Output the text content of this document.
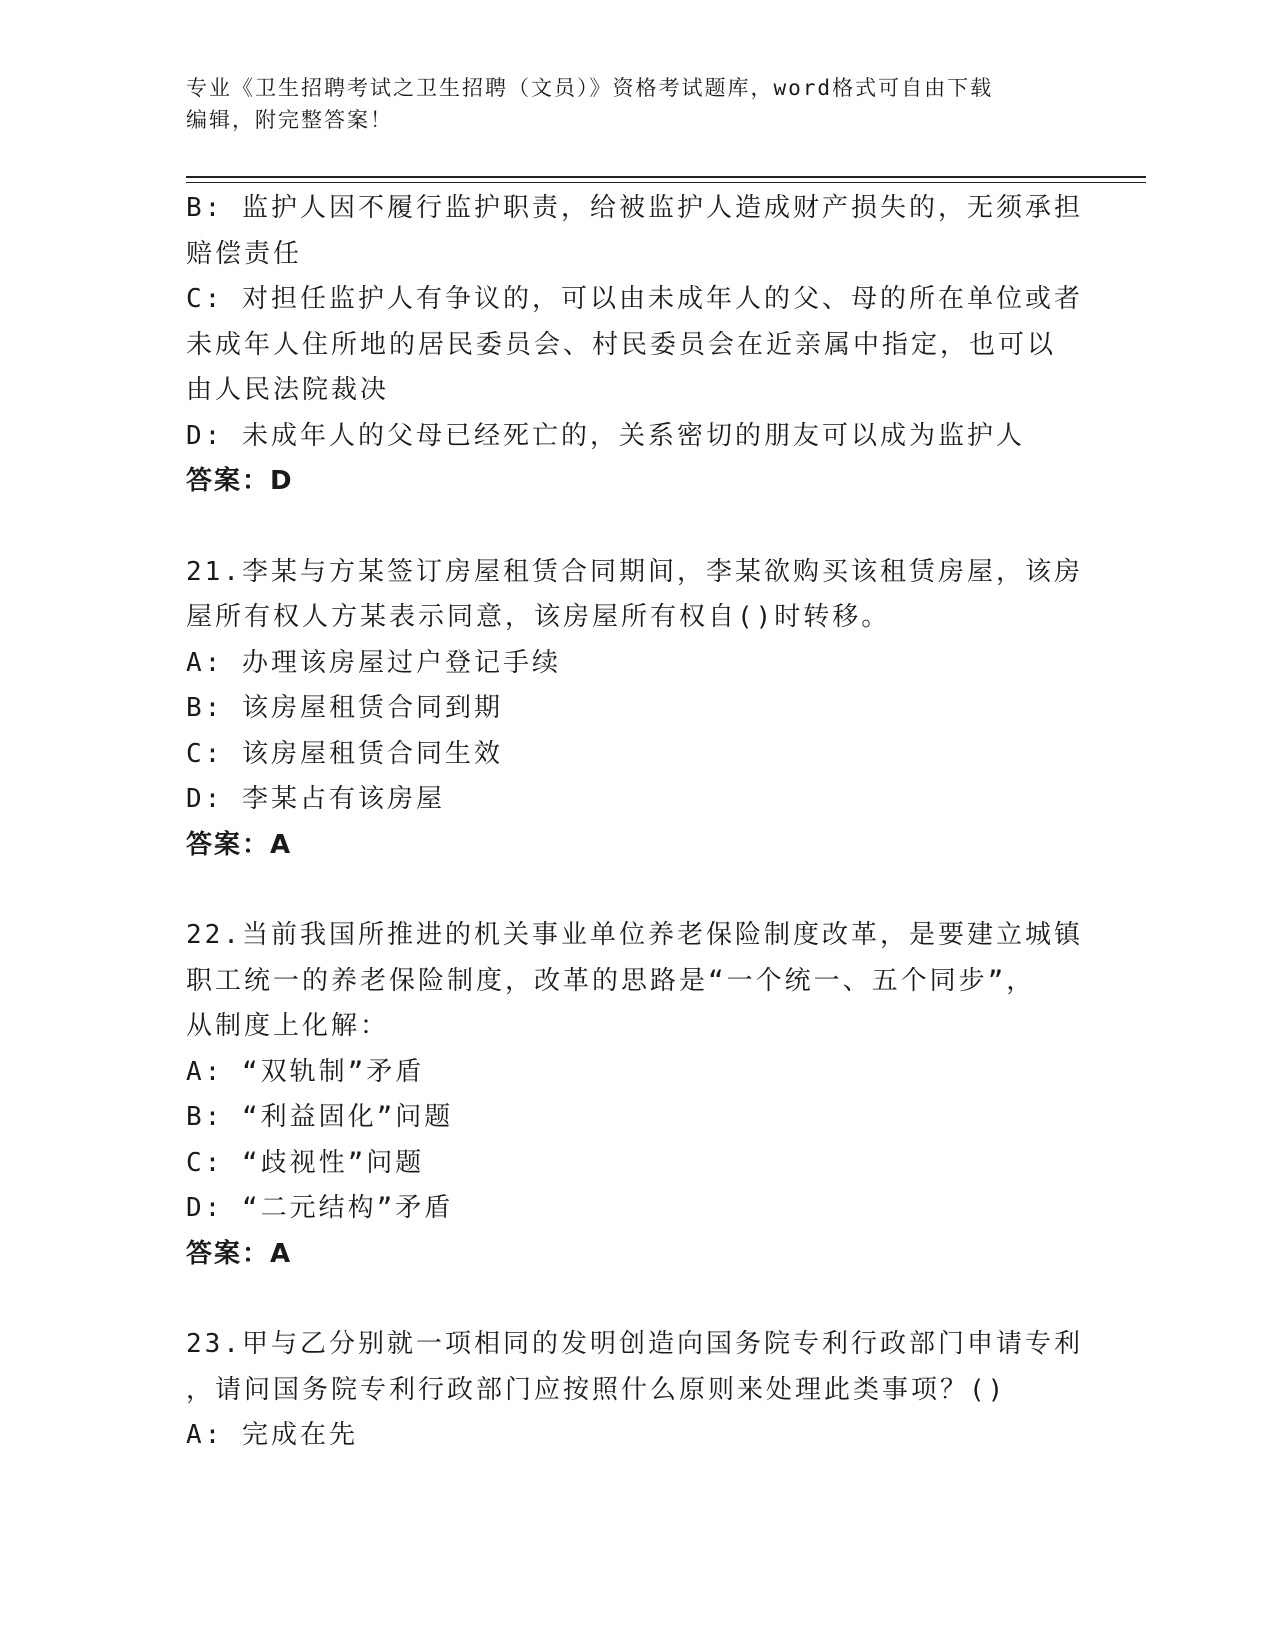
专业《卫生招聘考试之卫生招聘（文员）》资格考试题库，word格式可自由下载
编辑，附完整答案！
B: 监护人因不履行监护职责，给被监护人造成财产损失的，无须承担
赔偿责任
C: 对担任监护人有争议的，可以由未成年人的父、母的所在单位或者
未成年人住所地的居民委员会、村民委员会在近亲属中指定，也可以
由人民法院裁决
D: 未成年人的父母已经死亡的，关系密切的朋友可以成为监护人
答案：D
21.李某与方某签订房屋租赁合同期间，李某欲购买该租赁房屋，该房
屋所有权人方某表示同意，该房屋所有权自()时转移。
A: 办理该房屋过户登记手续
B: 该房屋租赁合同到期
C: 该房屋租赁合同生效
D: 李某占有该房屋
答案：A
22.当前我国所推进的机关事业单位养老保险制度改革，是要建立城镇
职工统一的养老保险制度，改革的思路是“一个统一、五个同步”，
从制度上化解：
A: “双轨制”矛盾
B: “利益固化”问题
C: “歧视性”问题
D: “二元结构”矛盾
答案：A
23.甲与乙分别就一项相同的发明创造向国务院专利行政部门申请专利
，请问国务院专利行政部门应按照什么原则来处理此类事项？()
A: 完成在先
